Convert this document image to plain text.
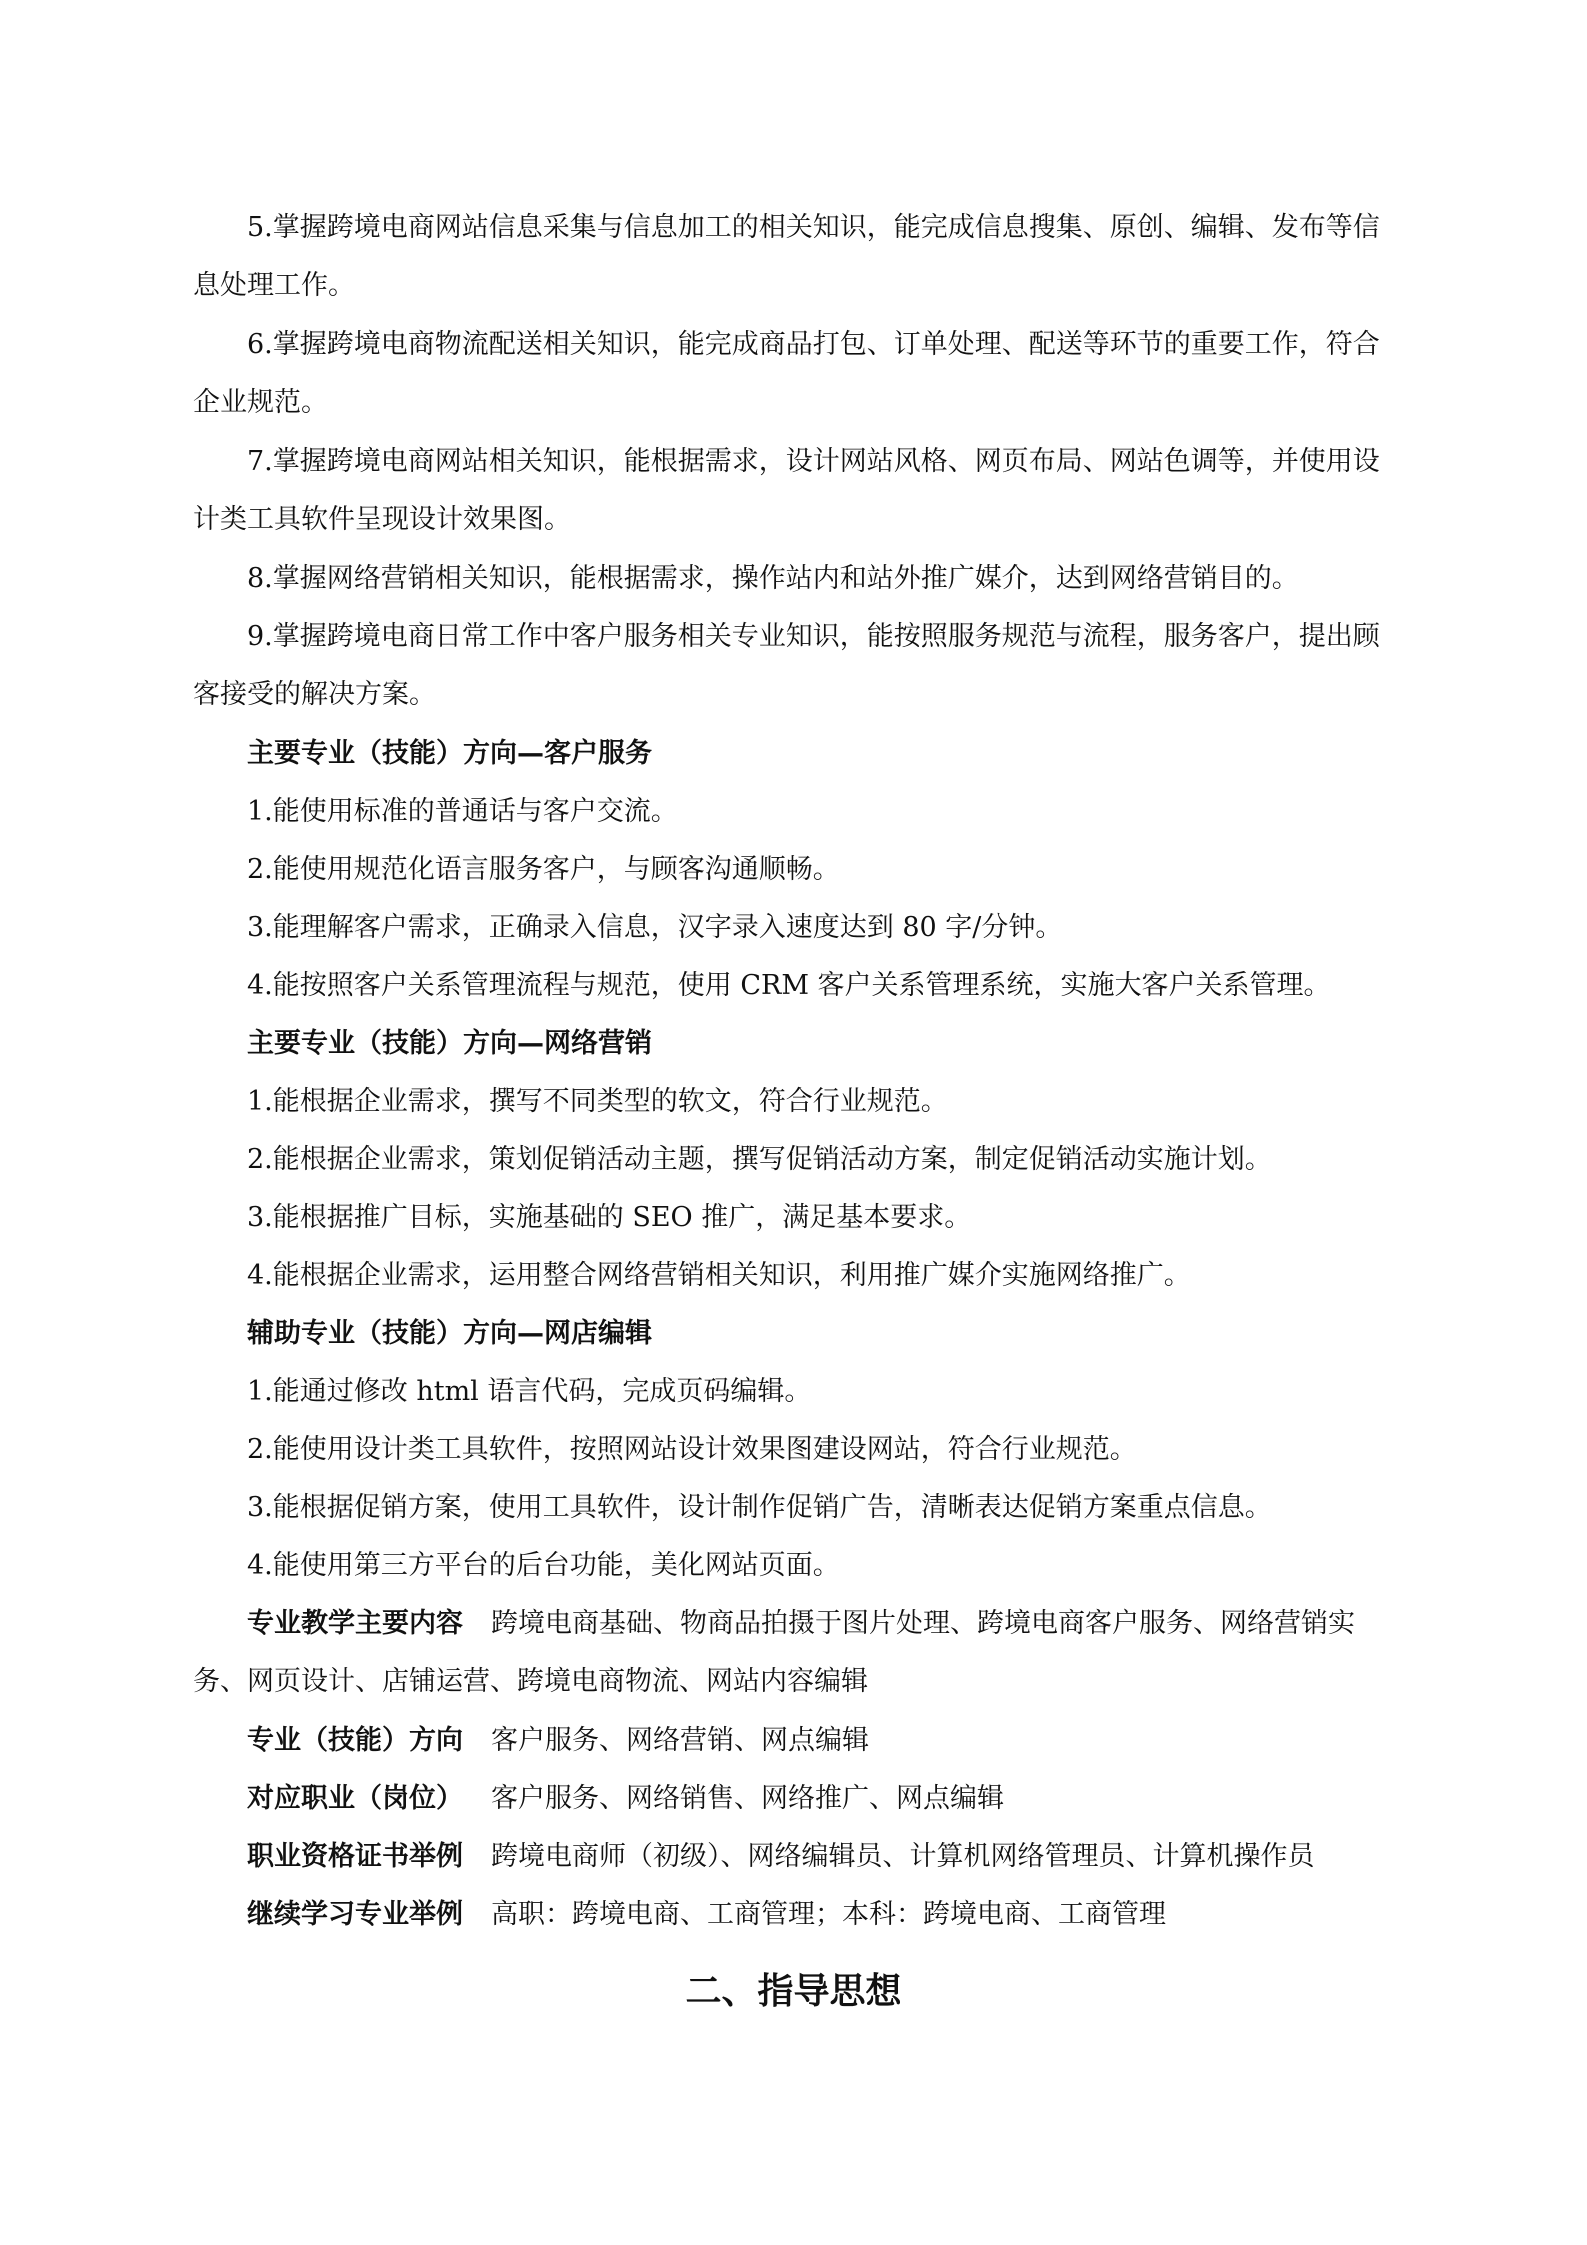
5.掌握跨境电商网站信息采集与信息加工的相关知识，能完成信息搜集、原创、编辑、发布等信息处理工作。

6.掌握跨境电商物流配送相关知识，能完成商品打包、订单处理、配送等环节的重要工作，符合企业规范。

7.掌握跨境电商网站相关知识，能根据需求，设计网站风格、网页布局、网站色调等，并使用设计类工具软件呈现设计效果图。

8.掌握网络营销相关知识，能根据需求，操作站内和站外推广媒介，达到网络营销目的。

9.掌握跨境电商日常工作中客户服务相关专业知识，能按照服务规范与流程，服务客户，提出顾客接受的解决方案。

主要专业（技能）方向—客户服务

1.能使用标准的普通话与客户交流。

2.能使用规范化语言服务客户，与顾客沟通顺畅。

3.能理解客户需求，正确录入信息，汉字录入速度达到 80 字/分钟。

4.能按照客户关系管理流程与规范，使用 CRM 客户关系管理系统，实施大客户关系管理。

主要专业（技能）方向—网络营销

1.能根据企业需求，撰写不同类型的软文，符合行业规范。

2.能根据企业需求，策划促销活动主题，撰写促销活动方案，制定促销活动实施计划。

3.能根据推广目标，实施基础的 SEO 推广，满足基本要求。

4.能根据企业需求，运用整合网络营销相关知识，利用推广媒介实施网络推广。

辅助专业（技能）方向—网店编辑

1.能通过修改 html 语言代码，完成页码编辑。

2.能使用设计类工具软件，按照网站设计效果图建设网站，符合行业规范。

3.能根据促销方案，使用工具软件，设计制作促销广告，清晰表达促销方案重点信息。

4.能使用第三方平台的后台功能，美化网站页面。

专业教学主要内容 跨境电商基础、物商品拍摄于图片处理、跨境电商客户服务、网络营销实务、网页设计、店铺运营、跨境电商物流、网站内容编辑

专业（技能）方向 客户服务、网络营销、网点编辑

对应职业（岗位） 客户服务、网络销售、网络推广、网点编辑

职业资格证书举例 跨境电商师（初级）、网络编辑员、计算机网络管理员、计算机操作员

继续学习专业举例 高职：跨境电商、工商管理；本科：跨境电商、工商管理

二、指导思想
